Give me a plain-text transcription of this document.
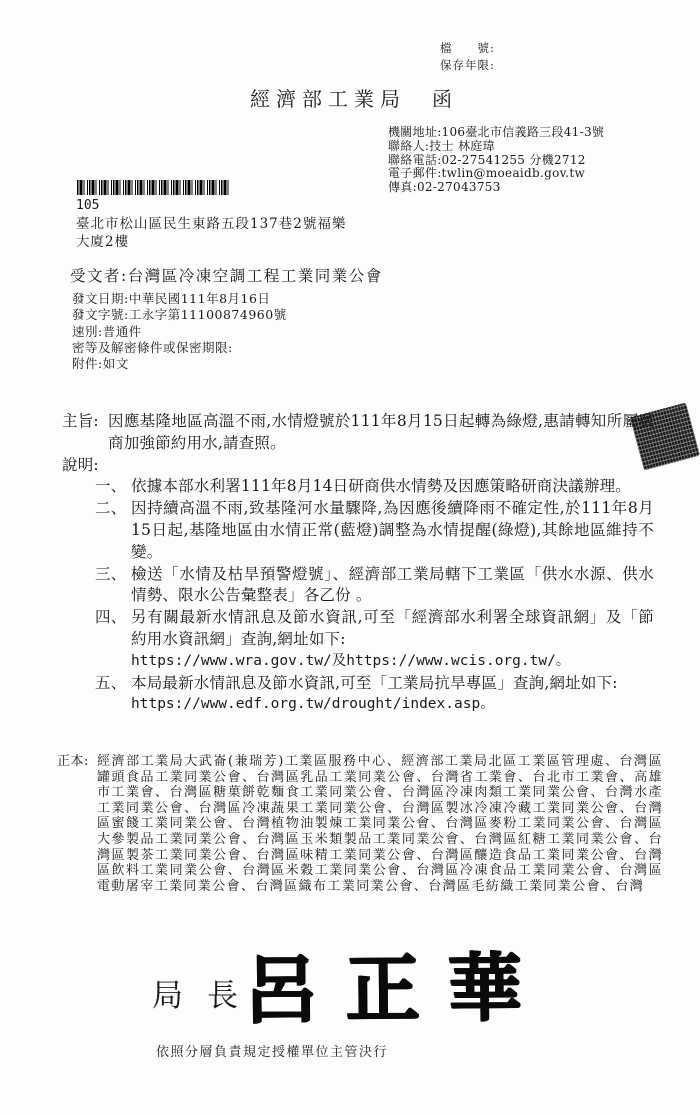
檔　　號:
保存年限:
經濟部工業局　函
機關地址:106臺北市信義路三段41-3號
聯絡人:技士 林庭瑋
聯絡電話:02-27541255 分機2712
電子郵件:twlin@moeaidb.gov.tw
傳真:02-27043753
105
臺北市松山區民生東路五段137巷2號福樂
大廈2樓
受文者:台灣區冷凍空調工程工業同業公會
發文日期:中華民國111年8月16日
發文字號:工永字第11100874960號
速別:普通件
密等及解密條件或保密期限:
附件:如文
主旨: 因應基隆地區高溫不雨,水情燈號於111年8月15日起轉為綠燈,惠請轉知所屬廠商加強節約用水,請查照。
說明:
一、 依據本部水利署111年8月14日研商供水情勢及因應策略研商決議辦理。
二、 因持續高溫不雨,致基隆河水量驟降,為因應後續降雨不確定性,於111年8月15日起,基隆地區由水情正常(藍燈)調整為水情提醒(綠燈),其餘地區維持不變。
三、 檢送「水情及枯旱預警燈號」、經濟部工業局轄下工業區「供水水源、供水情勢、限水公告彙整表」各乙份 。
四、 另有關最新水情訊息及節水資訊,可至「經濟部水利署全球資訊網」及「節約用水資訊網」查詢,網址如下:
https://www.wra.gov.tw/及https://www.wcis.org.tw/。
五、 本局最新水情訊息及節水資訊,可至「工業局抗旱專區」查詢,網址如下:
https://www.edf.org.tw/drought/index.asp。
正本: 經濟部工業局大武崙(兼瑞芳)工業區服務中心、經濟部工業局北區工業區管理處、台灣區罐頭食品工業同業公會、台灣區乳品工業同業公會、台灣省工業會、台北市工業會、高雄市工業會、台灣區糖菓餅乾麵食工業同業公會、台灣區冷凍肉類工業同業公會、台灣水產工業同業公會、台灣區冷凍蔬果工業同業公會、台灣區製冰冷凍冷藏工業同業公會、台灣區蜜餞工業同業公會、台灣植物油製煉工業同業公會、台灣區麥粉工業同業公會、台灣區大參製品工業同業公會、台灣區玉米類製品工業同業公會、台灣區紅糖工業同業公會、台灣區製茶工業同業公會、台灣區味精工業同業公會、台灣區釀造食品工業同業公會、台灣區飲料工業同業公會、台灣區米穀工業同業公會、台灣區冷凍食品工業同業公會、台灣區電動屠宰工業同業公會、台灣區織布工業同業公會、台灣區毛紡織工業同業公會、台灣
局長
呂正華
依照分層負責規定授權單位主管決行
